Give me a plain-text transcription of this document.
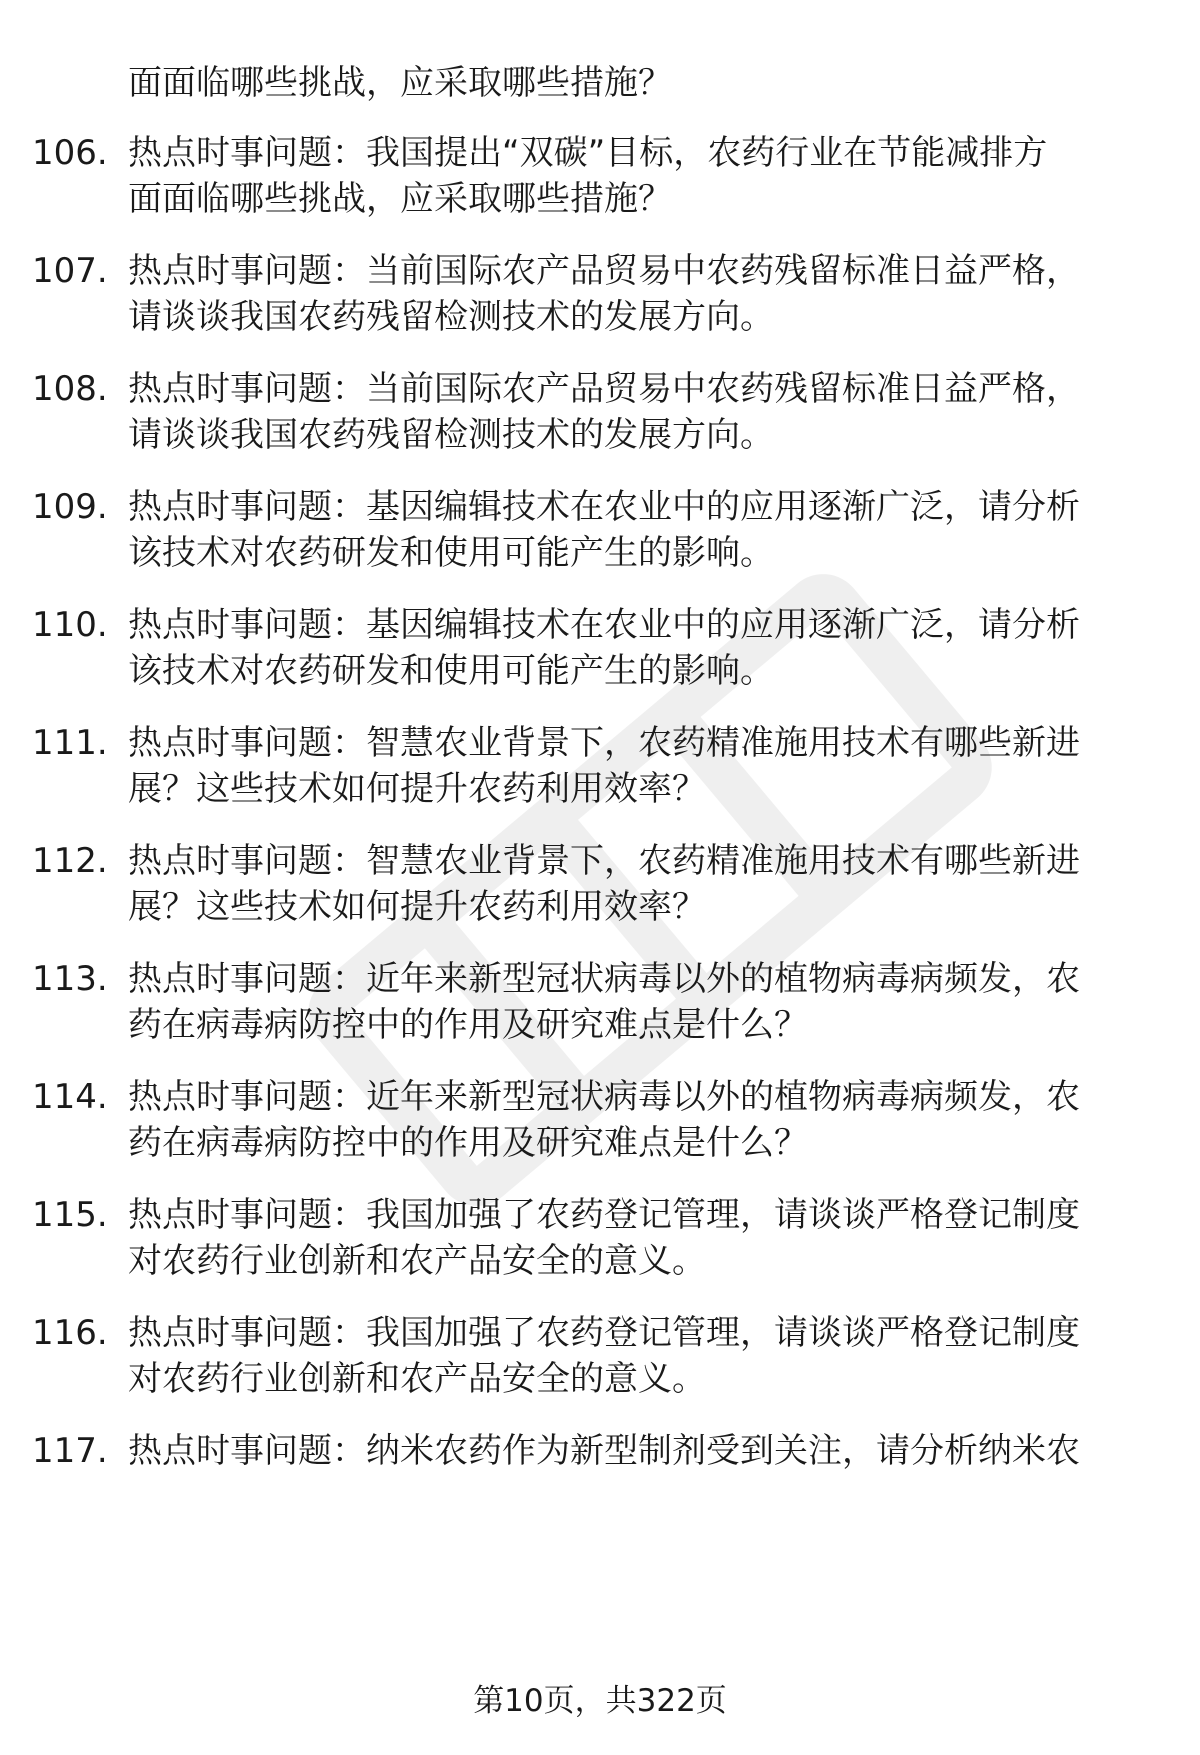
面面临哪些挑战，应采取哪些措施？
106. 热点时事问题：我国提出“双碳”目标，农药行业在节能减排方
面面临哪些挑战，应采取哪些措施？
107. 热点时事问题：当前国际农产品贸易中农药残留标准日益严格，
请谈谈我国农药残留检测技术的发展方向。
108. 热点时事问题：当前国际农产品贸易中农药残留标准日益严格，
请谈谈我国农药残留检测技术的发展方向。
109. 热点时事问题：基因编辑技术在农业中的应用逐渐广泛，请分析
该技术对农药研发和使用可能产生的影响。
110. 热点时事问题：基因编辑技术在农业中的应用逐渐广泛，请分析
该技术对农药研发和使用可能产生的影响。
111. 热点时事问题：智慧农业背景下，农药精准施用技术有哪些新进
展？这些技术如何提升农药利用效率？
112. 热点时事问题：智慧农业背景下，农药精准施用技术有哪些新进
展？这些技术如何提升农药利用效率？
113. 热点时事问题：近年来新型冠状病毒以外的植物病毒病频发，农
药在病毒病防控中的作用及研究难点是什么？
114. 热点时事问题：近年来新型冠状病毒以外的植物病毒病频发，农
药在病毒病防控中的作用及研究难点是什么？
115. 热点时事问题：我国加强了农药登记管理，请谈谈严格登记制度
对农药行业创新和农产品安全的意义。
116. 热点时事问题：我国加强了农药登记管理，请谈谈严格登记制度
对农药行业创新和农产品安全的意义。
117. 热点时事问题：纳米农药作为新型制剂受到关注，请分析纳米农
第10页，共322页
